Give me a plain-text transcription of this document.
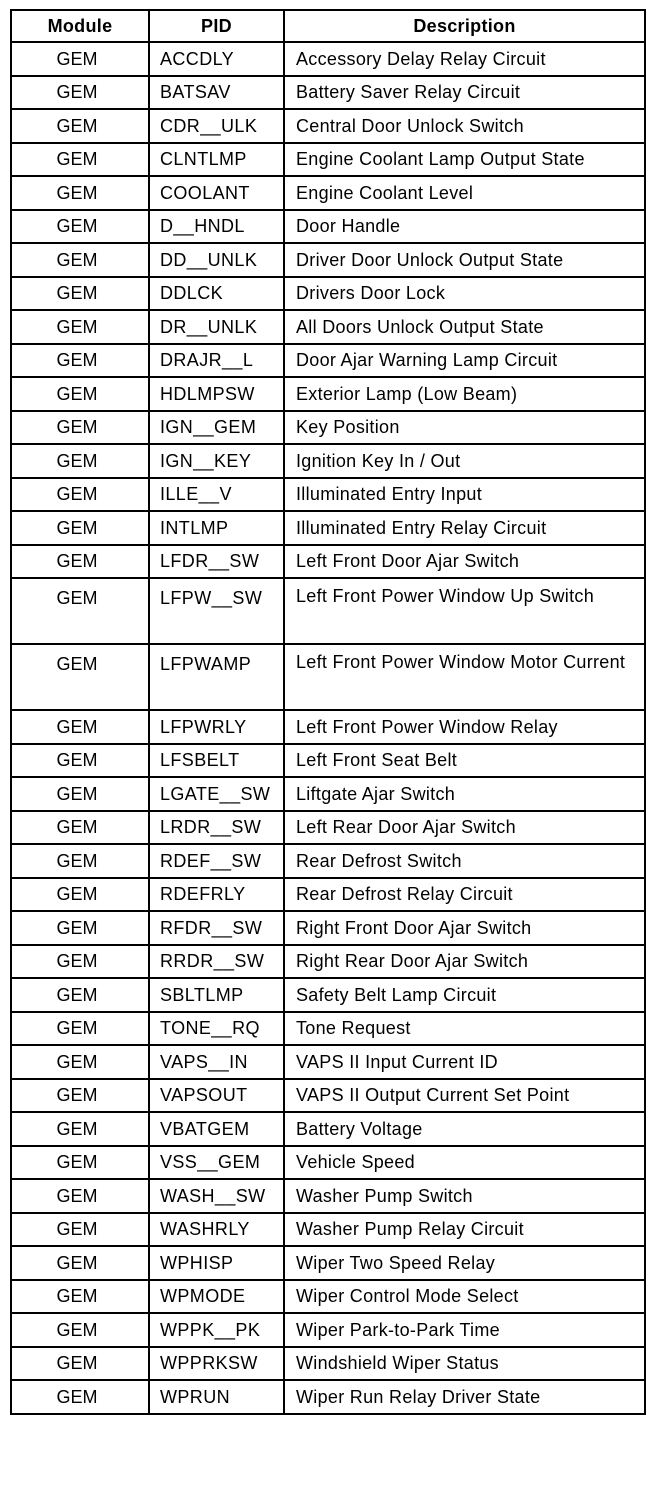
Module	PID	Description
GEM	ACCDLY	Accessory Delay Relay Circuit
GEM	BATSAV	Battery Saver Relay Circuit
GEM	CDR__ULK	Central Door Unlock Switch
GEM	CLNTLMP	Engine Coolant Lamp Output State
GEM	COOLANT	Engine Coolant Level
GEM	D__HNDL	Door Handle
GEM	DD__UNLK	Driver Door Unlock Output State
GEM	DDLCK	Drivers Door Lock
GEM	DR__UNLK	All Doors Unlock Output State
GEM	DRAJR__L	Door Ajar Warning Lamp Circuit
GEM	HDLMPSW	Exterior Lamp (Low Beam)
GEM	IGN__GEM	Key Position
GEM	IGN__KEY	Ignition Key In / Out
GEM	ILLE__V	Illuminated Entry Input
GEM	INTLMP	Illuminated Entry Relay Circuit
GEM	LFDR__SW	Left Front Door Ajar Switch
GEM	LFPW__SW	Left Front Power Window Up Switch
GEM	LFPWAMP	Left Front Power Window Motor Current
GEM	LFPWRLY	Left Front Power Window Relay
GEM	LFSBELT	Left Front Seat Belt
GEM	LGATE__SW	Liftgate Ajar Switch
GEM	LRDR__SW	Left Rear Door Ajar Switch
GEM	RDEF__SW	Rear Defrost Switch
GEM	RDEFRLY	Rear Defrost Relay Circuit
GEM	RFDR__SW	Right Front Door Ajar Switch
GEM	RRDR__SW	Right Rear Door Ajar Switch
GEM	SBLTLMP	Safety Belt Lamp Circuit
GEM	TONE__RQ	Tone Request
GEM	VAPS__IN	VAPS II Input Current ID
GEM	VAPSOUT	VAPS II Output Current Set Point
GEM	VBATGEM	Battery Voltage
GEM	VSS__GEM	Vehicle Speed
GEM	WASH__SW	Washer Pump Switch
GEM	WASHRLY	Washer Pump Relay Circuit
GEM	WPHISP	Wiper Two Speed Relay
GEM	WPMODE	Wiper Control Mode Select
GEM	WPPK__PK	Wiper Park-to-Park Time
GEM	WPPRKSW	Windshield Wiper Status
GEM	WPRUN	Wiper Run Relay Driver State
